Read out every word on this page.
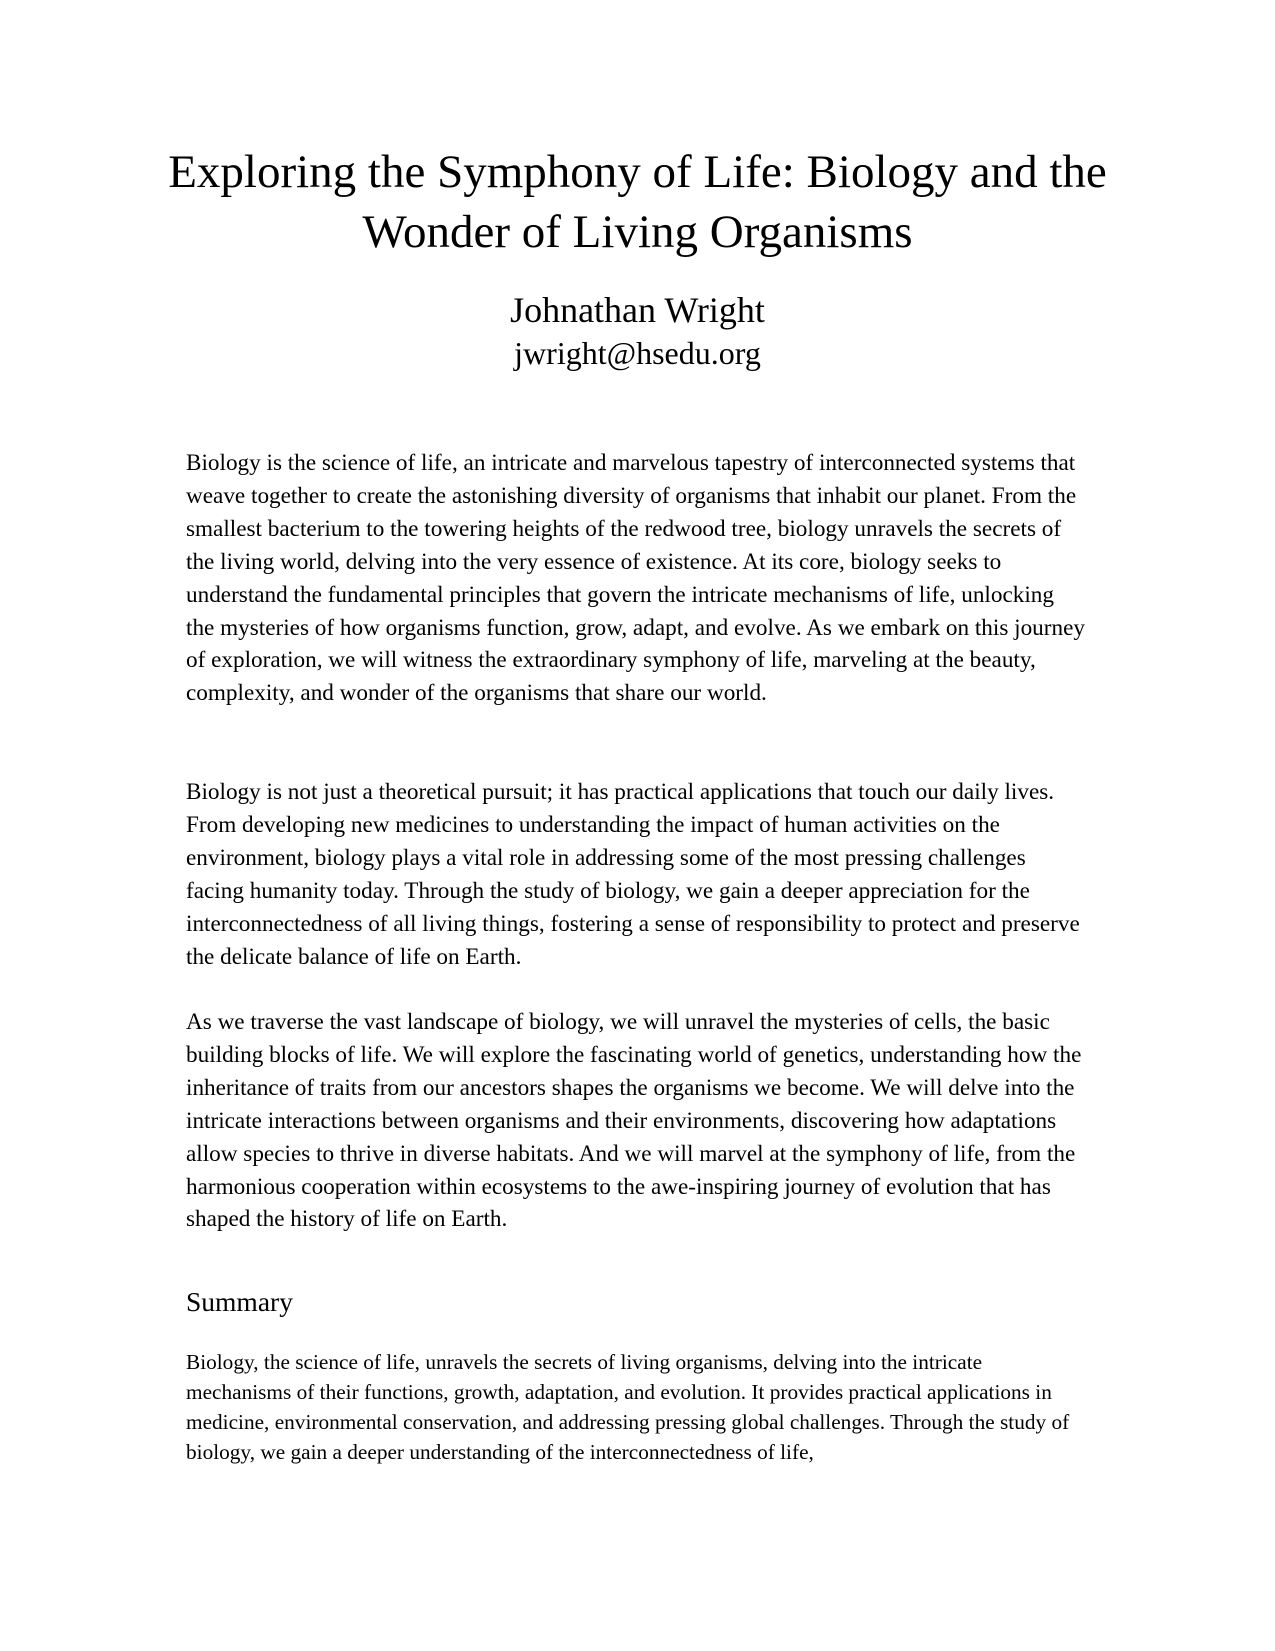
Exploring the Symphony of Life: Biology and the Wonder of Living Organisms
Johnathan Wright
jwright@hsedu.org

Biology is the science of life, an intricate and marvelous tapestry of interconnected systems that weave together to create the astonishing diversity of organisms that inhabit our planet. From the smallest bacterium to the towering heights of the redwood tree, biology unravels the secrets of the living world, delving into the very essence of existence. At its core, biology seeks to understand the fundamental principles that govern the intricate mechanisms of life, unlocking the mysteries of how organisms function, grow, adapt, and evolve. As we embark on this journey of exploration, we will witness the extraordinary symphony of life, marveling at the beauty, complexity, and wonder of the organisms that share our world.

Biology is not just a theoretical pursuit; it has practical applications that touch our daily lives. From developing new medicines to understanding the impact of human activities on the environment, biology plays a vital role in addressing some of the most pressing challenges facing humanity today. Through the study of biology, we gain a deeper appreciation for the interconnectedness of all living things, fostering a sense of responsibility to protect and preserve the delicate balance of life on Earth.

As we traverse the vast landscape of biology, we will unravel the mysteries of cells, the basic building blocks of life. We will explore the fascinating world of genetics, understanding how the inheritance of traits from our ancestors shapes the organisms we become. We will delve into the intricate interactions between organisms and their environments, discovering how adaptations allow species to thrive in diverse habitats. And we will marvel at the symphony of life, from the harmonious cooperation within ecosystems to the awe-inspiring journey of evolution that has shaped the history of life on Earth.

Summary

Biology, the science of life, unravels the secrets of living organisms, delving into the intricate mechanisms of their functions, growth, adaptation, and evolution. It provides practical applications in medicine, environmental conservation, and addressing pressing global challenges. Through the study of biology, we gain a deeper understanding of the interconnectedness of life,
